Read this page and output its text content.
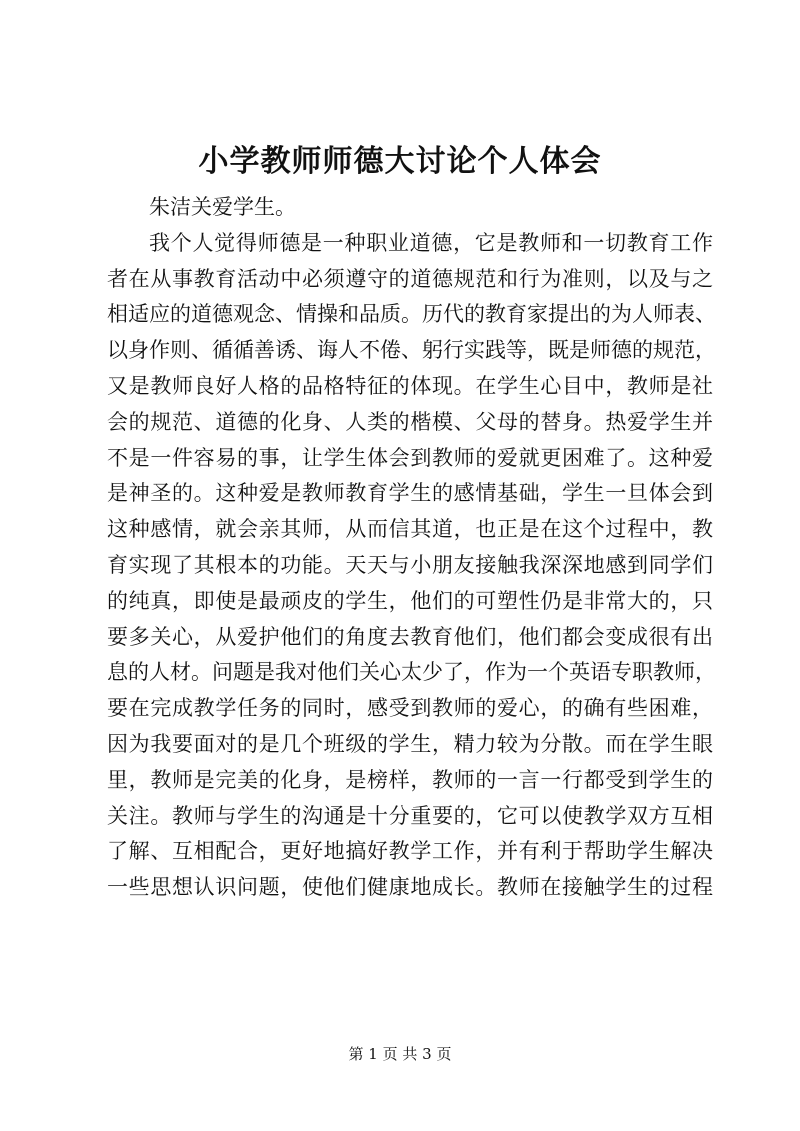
小学教师师德大讨论个人体会
朱洁关爱学生。
我个人觉得师德是一种职业道德，它是教师和一切教育工作
者在从事教育活动中必须遵守的道德规范和行为准则，以及与之
相适应的道德观念、情操和品质。历代的教育家提出的为人师表、
以身作则、循循善诱、诲人不倦、躬行实践等，既是师德的规范，
又是教师良好人格的品格特征的体现。在学生心目中，教师是社
会的规范、道德的化身、人类的楷模、父母的替身。热爱学生并
不是一件容易的事，让学生体会到教师的爱就更困难了。这种爱
是神圣的。这种爱是教师教育学生的感情基础，学生一旦体会到
这种感情，就会亲其师，从而信其道，也正是在这个过程中，教
育实现了其根本的功能。天天与小朋友接触我深深地感到同学们
的纯真，即使是最顽皮的学生，他们的可塑性仍是非常大的，只
要多关心，从爱护他们的角度去教育他们，他们都会变成很有出
息的人材。问题是我对他们关心太少了，作为一个英语专职教师，
要在完成教学任务的同时，感受到教师的爱心，的确有些困难，
因为我要面对的是几个班级的学生，精力较为分散。而在学生眼
里，教师是完美的化身，是榜样，教师的一言一行都受到学生的
关注。教师与学生的沟通是十分重要的，它可以使教学双方互相
了解、互相配合，更好地搞好教学工作，并有利于帮助学生解决
一些思想认识问题，使他们健康地成长。教师在接触学生的过程
第 1 页 共 3 页
